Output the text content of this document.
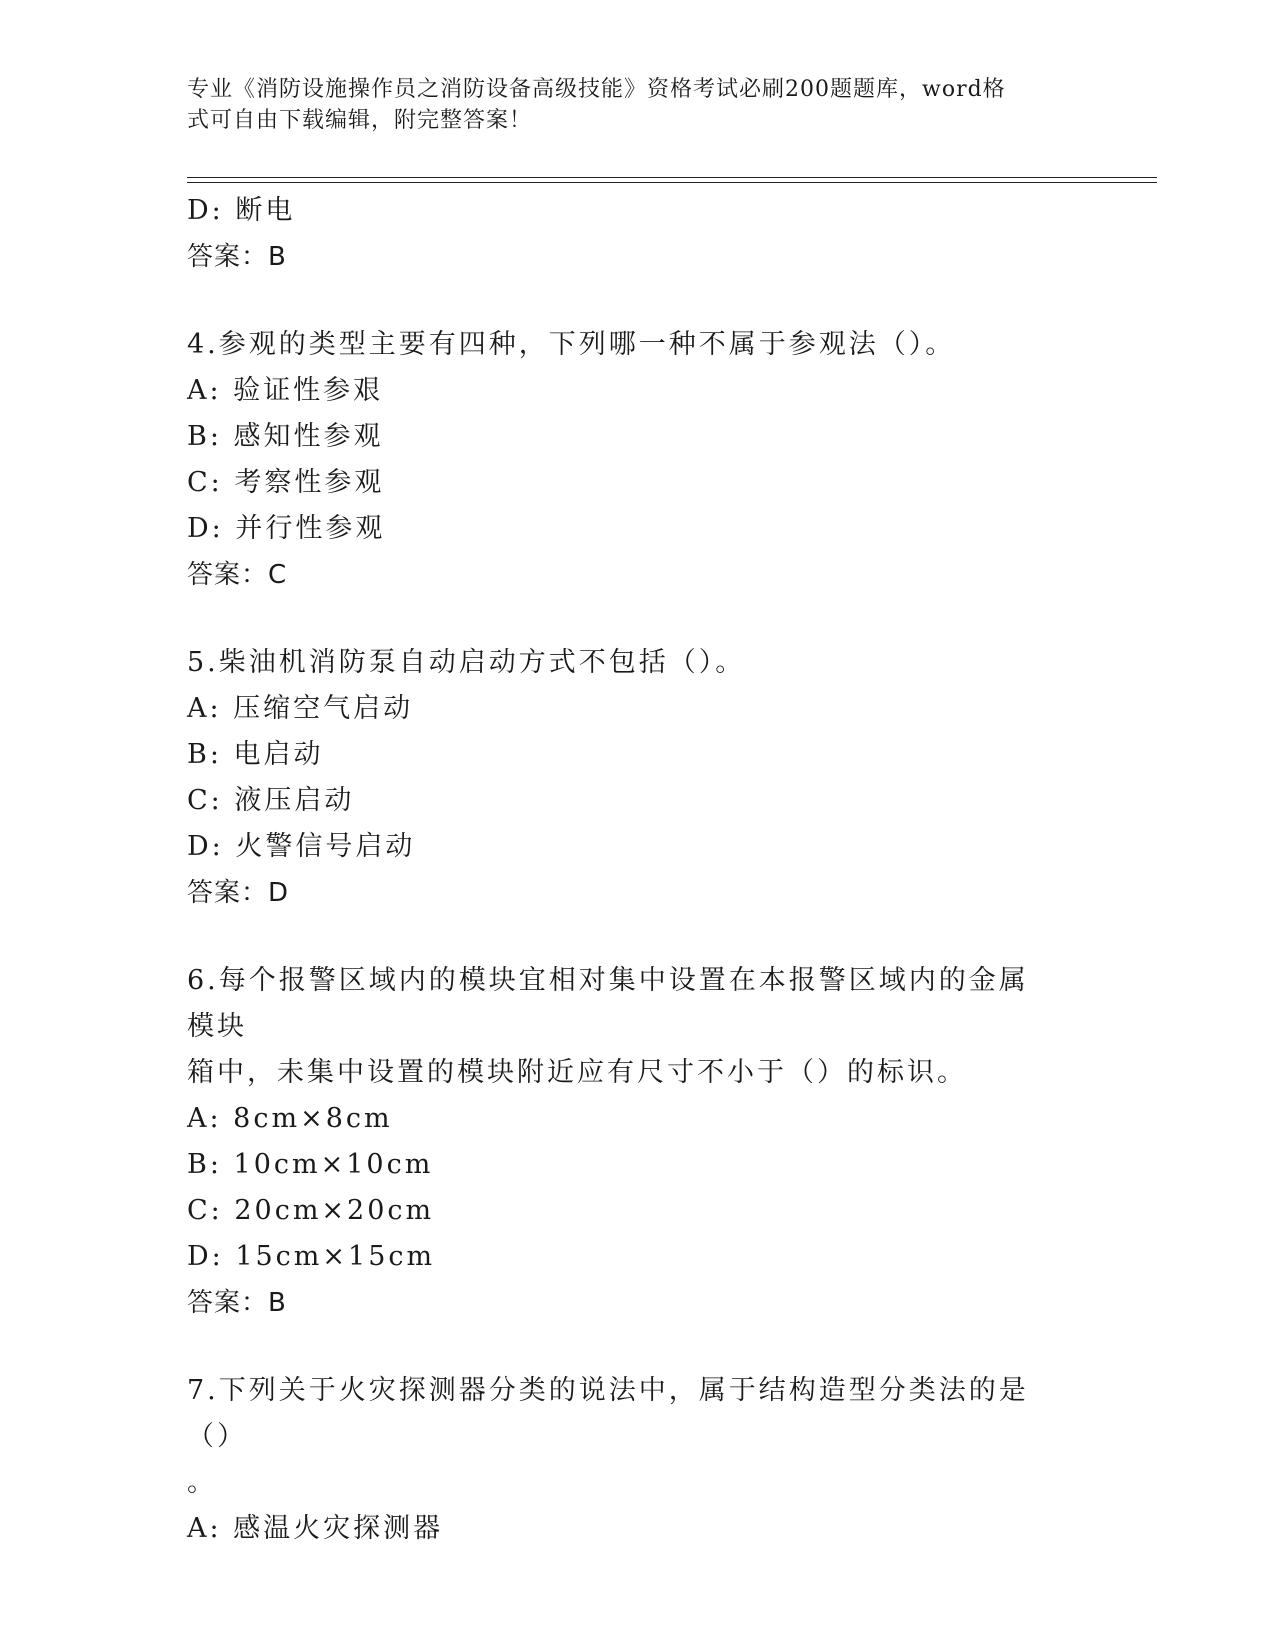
专业《消防设施操作员之消防设备高级技能》资格考试必刷200题题库，word格
式可自由下载编辑，附完整答案！
D: 断电
答案：B
4.参观的类型主要有四种，下列哪一种不属于参观法（）。
A: 验证性参艰
B: 感知性参观
C: 考察性参观
D: 并行性参观
答案：C
5.柴油机消防泵自动启动方式不包括（）。
A: 压缩空气启动
B: 电启动
C: 液压启动
D: 火警信号启动
答案：D
6.每个报警区域内的模块宜相对集中设置在本报警区域内的金属模块
箱中，未集中设置的模块附近应有尺寸不小于（）的标识。
A: 8cm×8cm
B: 10cm×10cm
C: 20cm×20cm
D: 15cm×15cm
答案：B
7.下列关于火灾探测器分类的说法中，属于结构造型分类法的是（）
。
A: 感温火灾探测器
